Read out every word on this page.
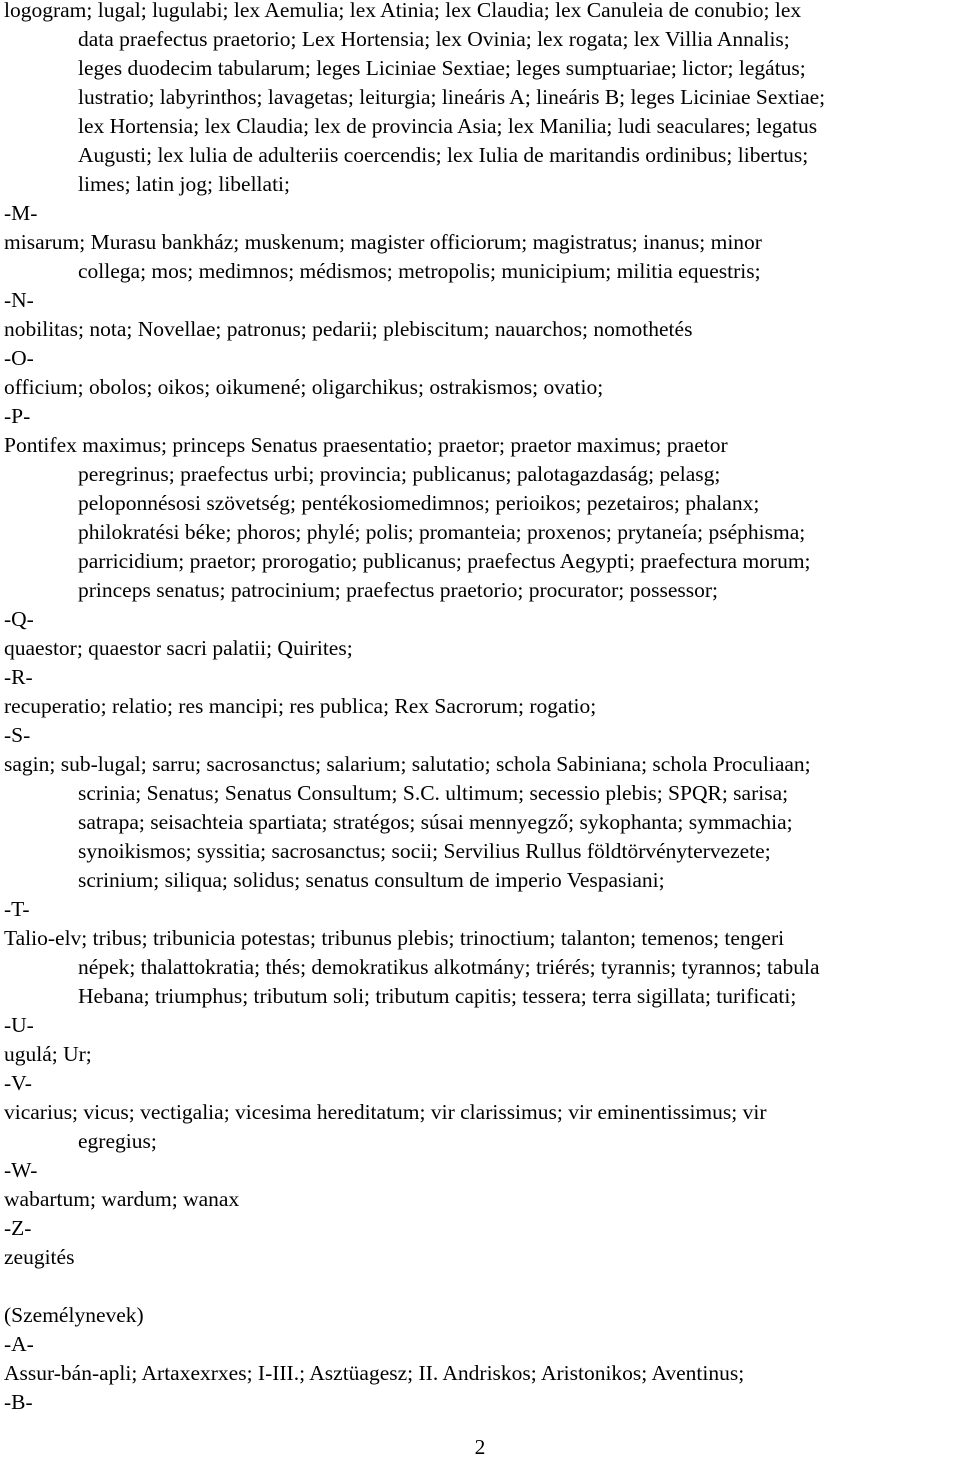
logogram; lugal; lugulabi; lex Aemulia; lex Atinia; lex Claudia; lex Canuleia de conubio; lex
data praefectus praetorio; Lex Hortensia; lex Ovinia; lex rogata; lex Villia Annalis;
leges duodecim tabularum; leges Liciniae Sextiae; leges sumptuariae; lictor; legátus;
lustratio; labyrinthos; lavagetas; leiturgia; lineáris A; lineáris B; leges Liciniae Sextiae;
lex Hortensia; lex Claudia; lex de provincia Asia; lex Manilia; ludi seaculares; legatus
Augusti; lex lulia de adulteriis coercendis; lex Iulia de maritandis ordinibus; libertus;
limes; latin jog; libellati;
-M-
misarum; Murasu bankház; muskenum; magister officiorum; magistratus; inanus; minor
collega; mos; medimnos; médismos; metropolis; municipium; militia equestris;
-N-
nobilitas; nota; Novellae; patronus; pedarii; plebiscitum; nauarchos; nomothetés
-O-
officium; obolos; oikos; oikumené; oligarchikus; ostrakismos; ovatio;
-P-
Pontifex maximus; princeps Senatus praesentatio; praetor; praetor maximus; praetor
peregrinus; praefectus urbi; provincia; publicanus; palotagazdaság; pelasg;
peloponnésosi szövetség; pentékosiomedimnos; perioikos; pezetairos; phalanx;
philokratési béke; phoros; phylé; polis; promanteia; proxenos; prytaneía; pséphisma;
parricidium; praetor; prorogatio; publicanus; praefectus Aegypti; praefectura morum;
princeps senatus; patrocinium; praefectus praetorio; procurator; possessor;
-Q-
quaestor; quaestor sacri palatii; Quirites;
-R-
recuperatio; relatio; res mancipi; res publica; Rex Sacrorum; rogatio;
-S-
sagin; sub-lugal; sarru; sacrosanctus; salarium; salutatio; schola Sabiniana; schola Proculiaan;
scrinia; Senatus; Senatus Consultum; S.C. ultimum; secessio plebis; SPQR; sarisa;
satrapa; seisachteia spartiata; stratégos; súsai mennyegző; sykophanta; symmachia;
synoikismos; syssitia; sacrosanctus; socii; Servilius Rullus földtörvénytervezete;
scrinium; siliqua; solidus; senatus consultum de imperio Vespasiani;
-T-
Talio-elv; tribus; tribunicia potestas; tribunus plebis; trinoctium; talanton; temenos; tengeri
népek; thalattokratia; thés; demokratikus alkotmány; triérés; tyrannis; tyrannos; tabula
Hebana; triumphus; tributum soli; tributum capitis; tessera; terra sigillata; turificati;
-U-
ugulá; Ur;
-V-
vicarius; vicus; vectigalia; vicesima hereditatum; vir clarissimus; vir eminentissimus; vir
egregius;
-W-
wabartum; wardum; wanax
-Z-
zeugités
(Személynevek)
-A-
Assur-bán-apli; Artaxexrxes; I-III.; Asztüagesz; II. Andriskos; Aristonikos; Aventinus;
-B-
2
